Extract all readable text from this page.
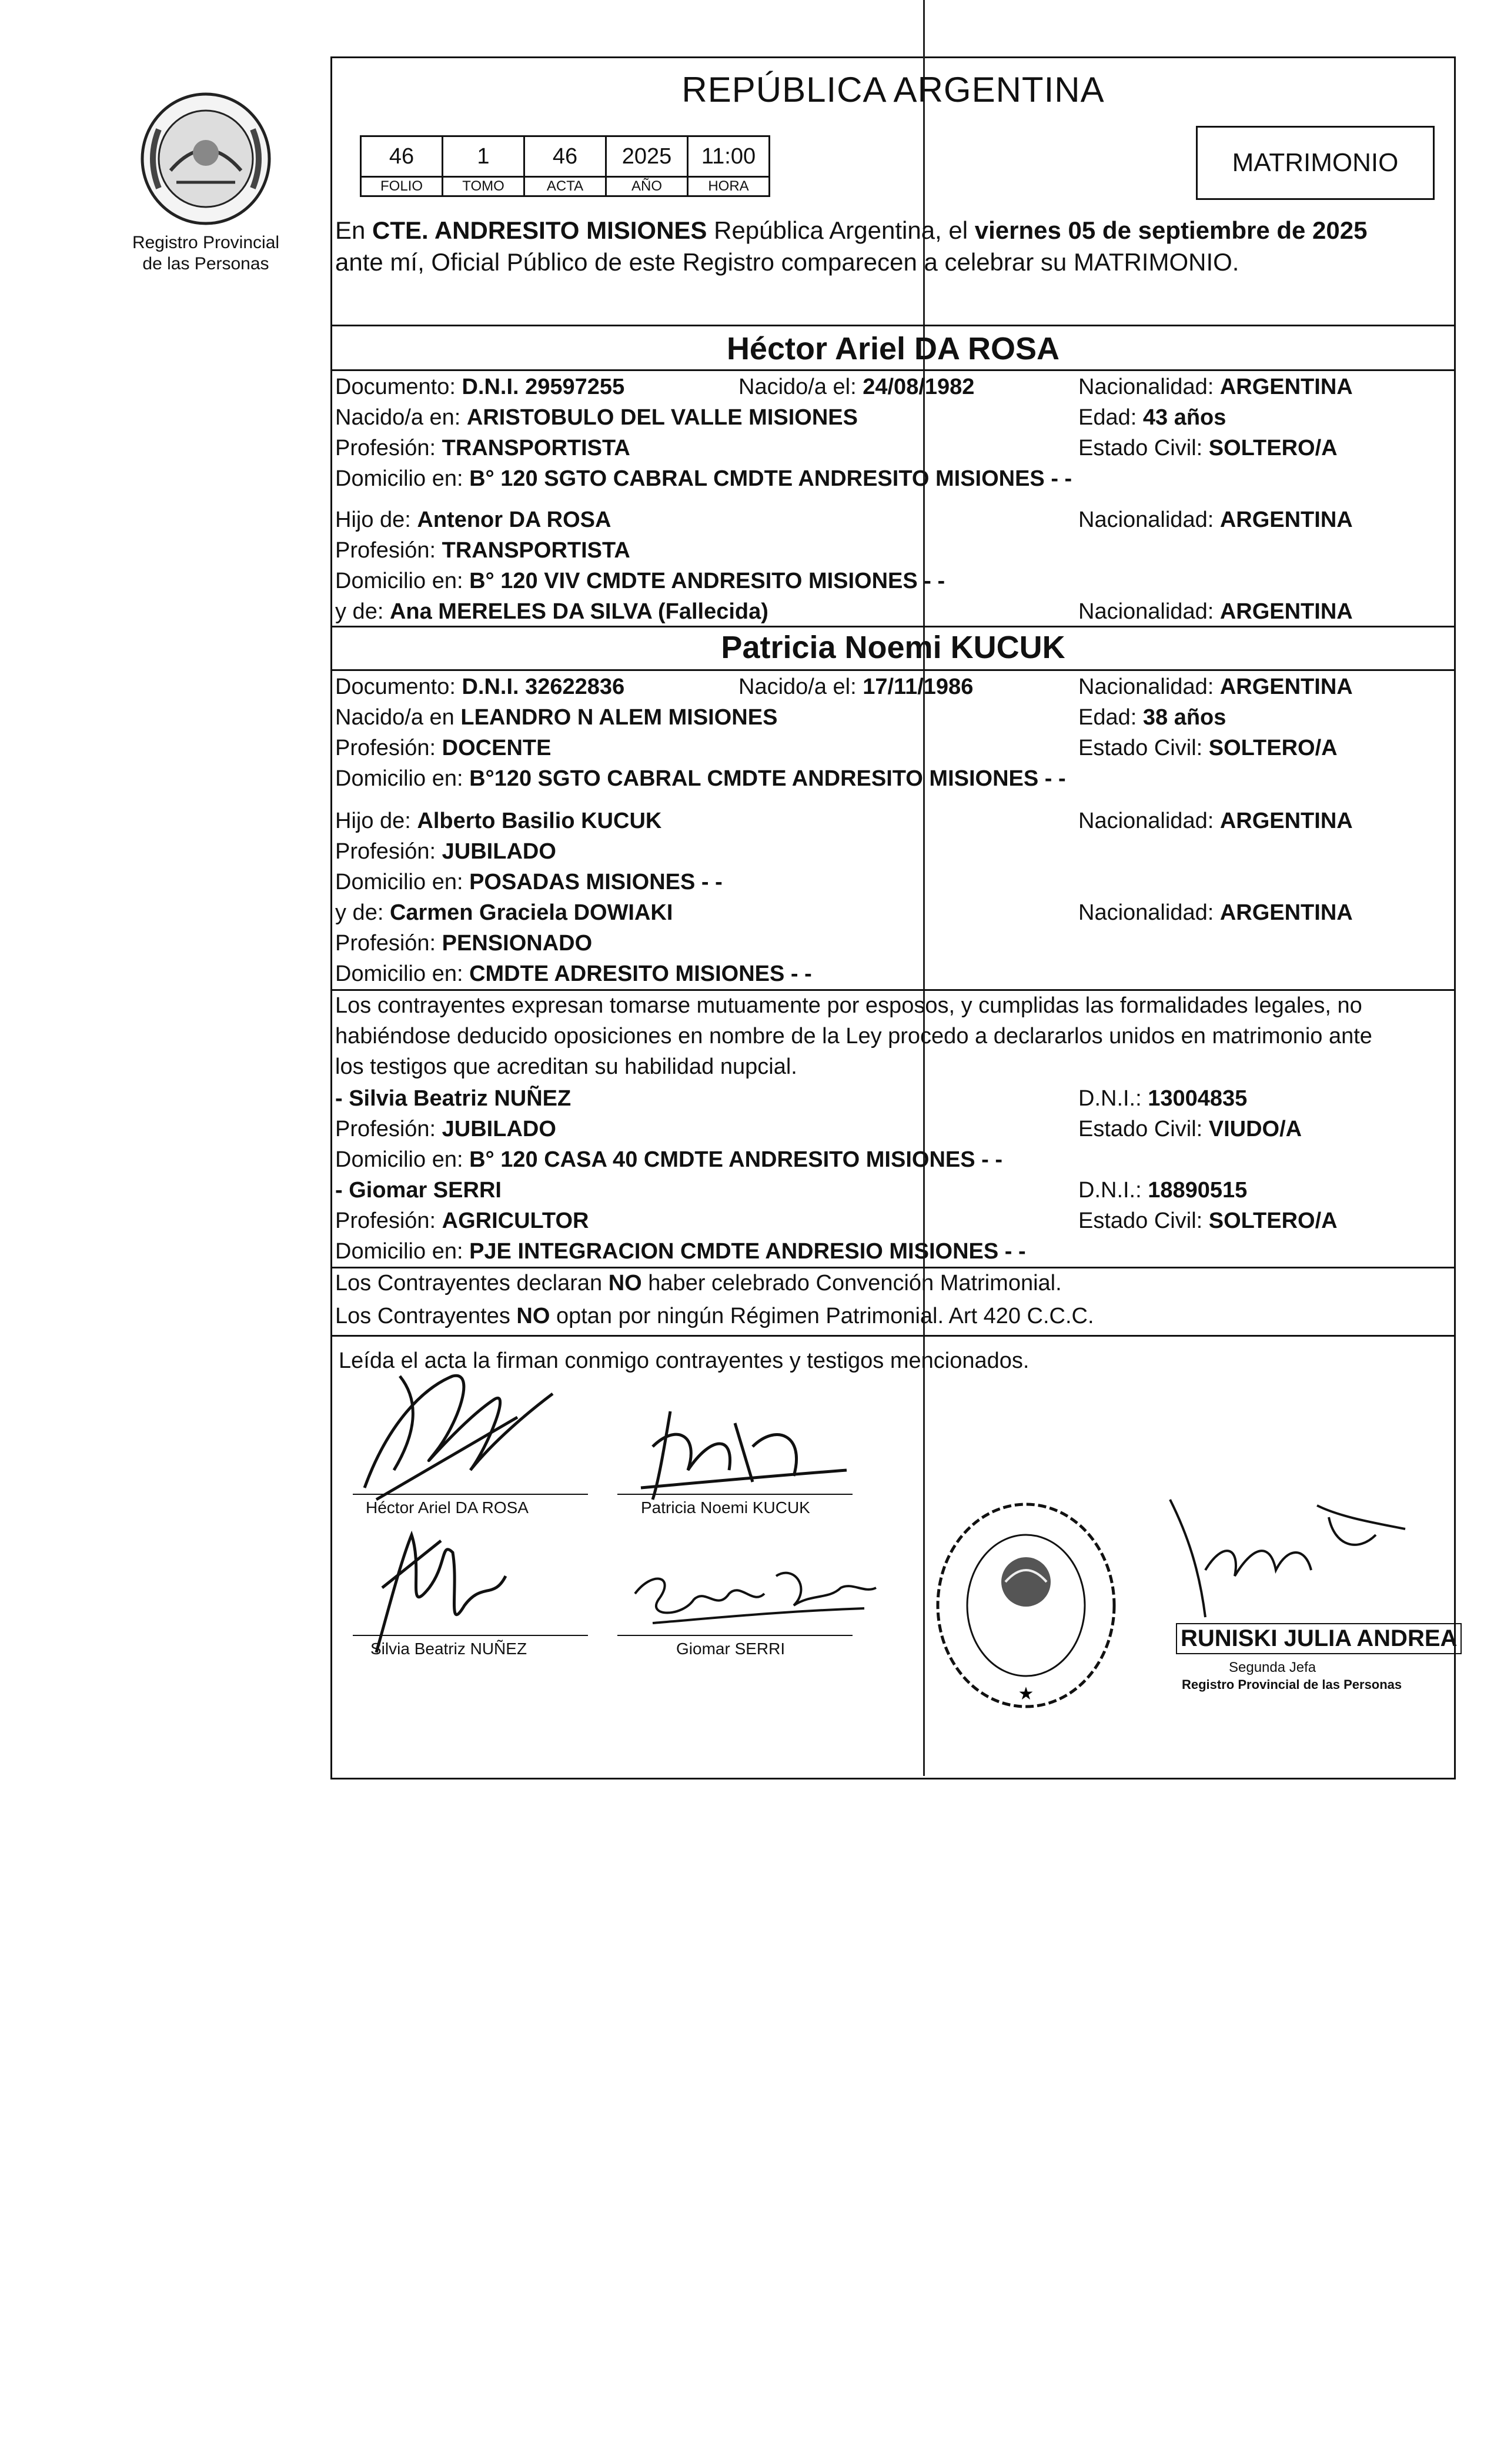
Registro Provincial
de las Personas
REPÚBLICA ARGENTINA
46	1	46	2025	11:00
FOLIO	TOMO	ACTA	AÑO	HORA
MATRIMONIO
En CTE. ANDRESITO MISIONES República Argentina, el viernes 05 de septiembre de 2025
ante mí, Oficial Público de este Registro comparecen a celebrar su MATRIMONIO.
Héctor Ariel DA ROSA
Documento: D.N.I. 29597255	Nacido/a el: 24/08/1982	Nacionalidad: ARGENTINA
Nacido/a en: ARISTOBULO DEL VALLE MISIONES	Edad: 43 años
Profesión: TRANSPORTISTA	Estado Civil: SOLTERO/A
Domicilio en: B° 120 SGTO CABRAL CMDTE ANDRESITO MISIONES - -
Hijo de: Antenor DA ROSA	Nacionalidad: ARGENTINA
Profesión: TRANSPORTISTA
Domicilio en: B° 120 VIV CMDTE ANDRESITO MISIONES - -
y de: Ana MERELES DA SILVA (Fallecida)	Nacionalidad: ARGENTINA
Patricia Noemi KUCUK
Documento: D.N.I. 32622836	Nacido/a el: 17/11/1986	Nacionalidad: ARGENTINA
Nacido/a en LEANDRO N ALEM MISIONES	Edad: 38 años
Profesión: DOCENTE	Estado Civil: SOLTERO/A
Domicilio en: B°120 SGTO CABRAL CMDTE ANDRESITO MISIONES - -
Hijo de: Alberto Basilio KUCUK	Nacionalidad: ARGENTINA
Profesión: JUBILADO
Domicilio en: POSADAS MISIONES - -
y de: Carmen Graciela DOWIAKI	Nacionalidad: ARGENTINA
Profesión: PENSIONADO
Domicilio en: CMDTE ADRESITO MISIONES - -
Los contrayentes expresan tomarse mutuamente por esposos, y cumplidas las formalidades legales, no
habiéndose deducido oposiciones en nombre de la Ley procedo a declararlos unidos en matrimonio ante
los testigos que acreditan su habilidad nupcial.
- Silvia Beatriz NUÑEZ	D.N.I.: 13004835
Profesión: JUBILADO	Estado Civil: VIUDO/A
Domicilio en: B° 120 CASA 40 CMDTE ANDRESITO MISIONES - -
- Giomar SERRI	D.N.I.: 18890515
Profesión: AGRICULTOR	Estado Civil: SOLTERO/A
Domicilio en: PJE INTEGRACION CMDTE ANDRESIO MISIONES - -
Los Contrayentes declaran NO haber celebrado Convención Matrimonial.
Los Contrayentes NO optan por ningún Régimen Patrimonial. Art 420 C.C.C.
Leída el acta la firman conmigo contrayentes y testigos mencionados.
Héctor Ariel DA ROSA	Patricia Noemi KUCUK
Silvia Beatriz NUÑEZ	Giomar SERRI
★
RUNISKI JULIA ANDREA
Segunda Jefa
Registro Provincial de las Personas
